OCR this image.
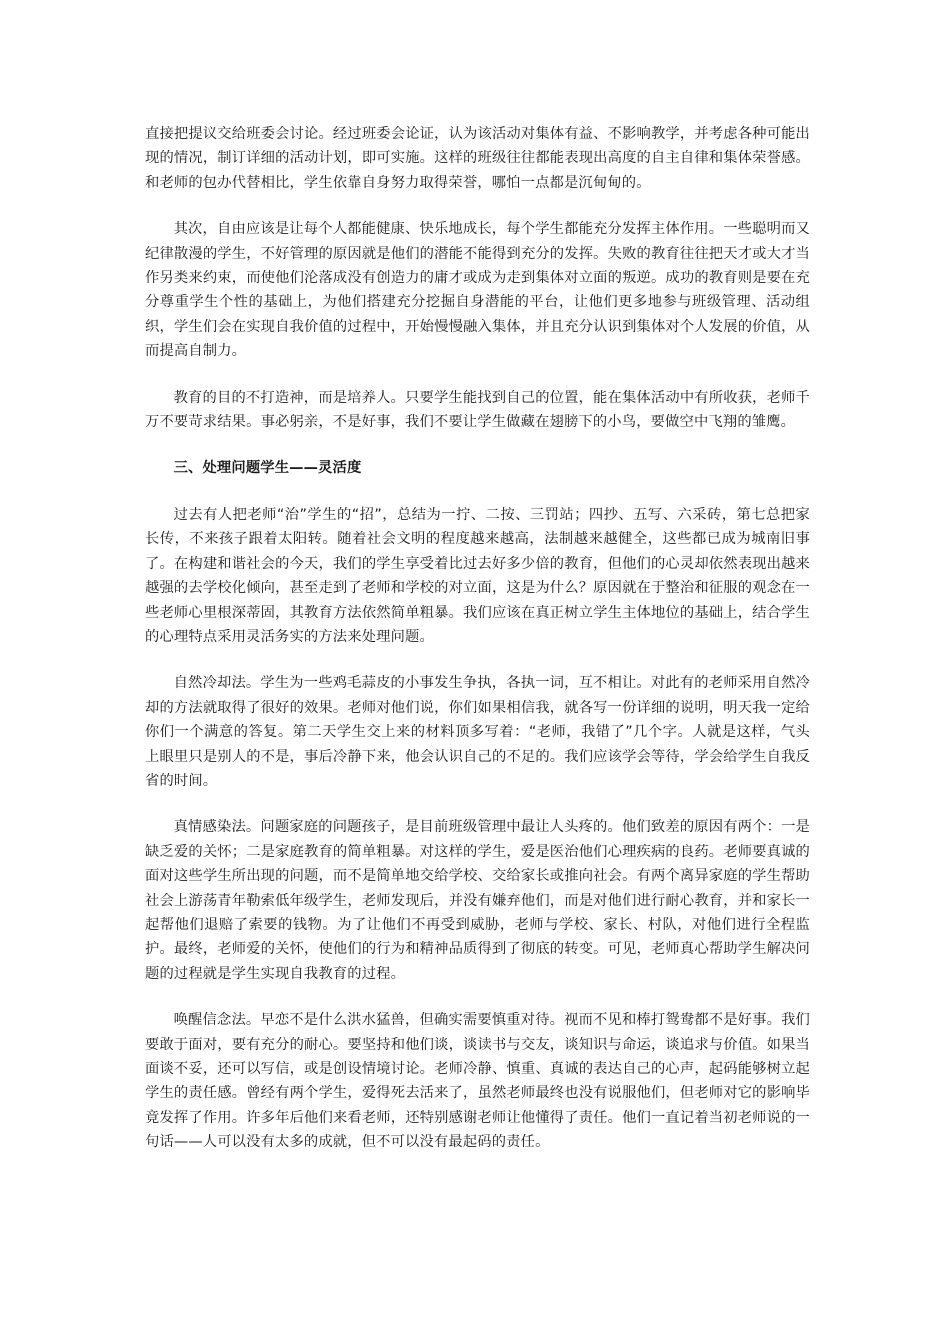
直接把提议交给班委会讨论。经过班委会论证，认为该活动对集体有益、不影响教学，并考虑各种可能出现的情况，制订详细的活动计划，即可实施。这样的班级往往都能表现出高度的自主自律和集体荣誉感。和老师的包办代替相比，学生依靠自身努力取得荣誉，哪怕一点都是沉甸甸的。

其次，自由应该是让每个人都能健康、快乐地成长，每个学生都能充分发挥主体作用。一些聪明而又纪律散漫的学生，不好管理的原因就是他们的潜能不能得到充分的发挥。失败的教育往往把天才或大才当作另类来约束，而使他们沦落成没有创造力的庸才或成为走到集体对立面的叛逆。成功的教育则是要在充分尊重学生个性的基础上，为他们搭建充分挖掘自身潜能的平台，让他们更多地参与班级管理、活动组织，学生们会在实现自我价值的过程中，开始慢慢融入集体，并且充分认识到集体对个人发展的价值，从而提高自制力。

教育的目的不打造神，而是培养人。只要学生能找到自己的位置，能在集体活动中有所收获，老师千万不要苛求结果。事必躬亲，不是好事，我们不要让学生做藏在翅膀下的小鸟，要做空中飞翔的雏鹰。

三、处理问题学生——灵活度

过去有人把老师“治”学生的“招”，总结为一拧、二按、三罚站；四抄、五写、六采砖，第七总把家长传，不来孩子跟着太阳转。随着社会文明的程度越来越高，法制越来越健全，这些都已成为城南旧事了。在构建和谐社会的今天，我们的学生享受着比过去好多少倍的教育，但他们的心灵却依然表现出越来越强的去学校化倾向，甚至走到了老师和学校的对立面，这是为什么？原因就在于整治和征服的观念在一些老师心里根深蒂固，其教育方法依然简单粗暴。我们应该在真正树立学生主体地位的基础上，结合学生的心理特点采用灵活务实的方法来处理问题。

自然冷却法。学生为一些鸡毛蒜皮的小事发生争执，各执一词，互不相让。对此有的老师采用自然冷却的方法就取得了很好的效果。老师对他们说，你们如果相信我，就各写一份详细的说明，明天我一定给你们一个满意的答复。第二天学生交上来的材料顶多写着：“老师，我错了”几个字。人就是这样，气头上眼里只是别人的不是，事后冷静下来，他会认识自己的不足的。我们应该学会等待，学会给学生自我反省的时间。

真情感染法。问题家庭的问题孩子，是目前班级管理中最让人头疼的。他们致差的原因有两个：一是缺乏爱的关怀；二是家庭教育的简单粗暴。对这样的学生，爱是医治他们心理疾病的良药。老师要真诚的面对这些学生所出现的问题，而不是简单地交给学校、交给家长或推向社会。有两个离异家庭的学生帮助社会上游荡青年勒索低年级学生，老师发现后，并没有嫌弃他们，而是对他们进行耐心教育，并和家长一起帮他们退赔了索要的钱物。为了让他们不再受到威胁，老师与学校、家长、村队，对他们进行全程监护。最终，老师爱的关怀，使他们的行为和精神品质得到了彻底的转变。可见，老师真心帮助学生解决问题的过程就是学生实现自我教育的过程。

唤醒信念法。早恋不是什么洪水猛兽，但确实需要慎重对待。视而不见和棒打鸳鸯都不是好事。我们要敢于面对，要有充分的耐心。要坚持和他们谈，谈读书与交友，谈知识与命运，谈追求与价值。如果当面谈不妥，还可以写信，或是创设情境讨论。老师冷静、慎重、真诚的表达自己的心声，起码能够树立起学生的责任感。曾经有两个学生，爱得死去活来了，虽然老师最终也没有说服他们，但老师对它的影响毕竟发挥了作用。许多年后他们来看老师，还特别感谢老师让他懂得了责任。他们一直记着当初老师说的一句话——人可以没有太多的成就，但不可以没有最起码的责任。
